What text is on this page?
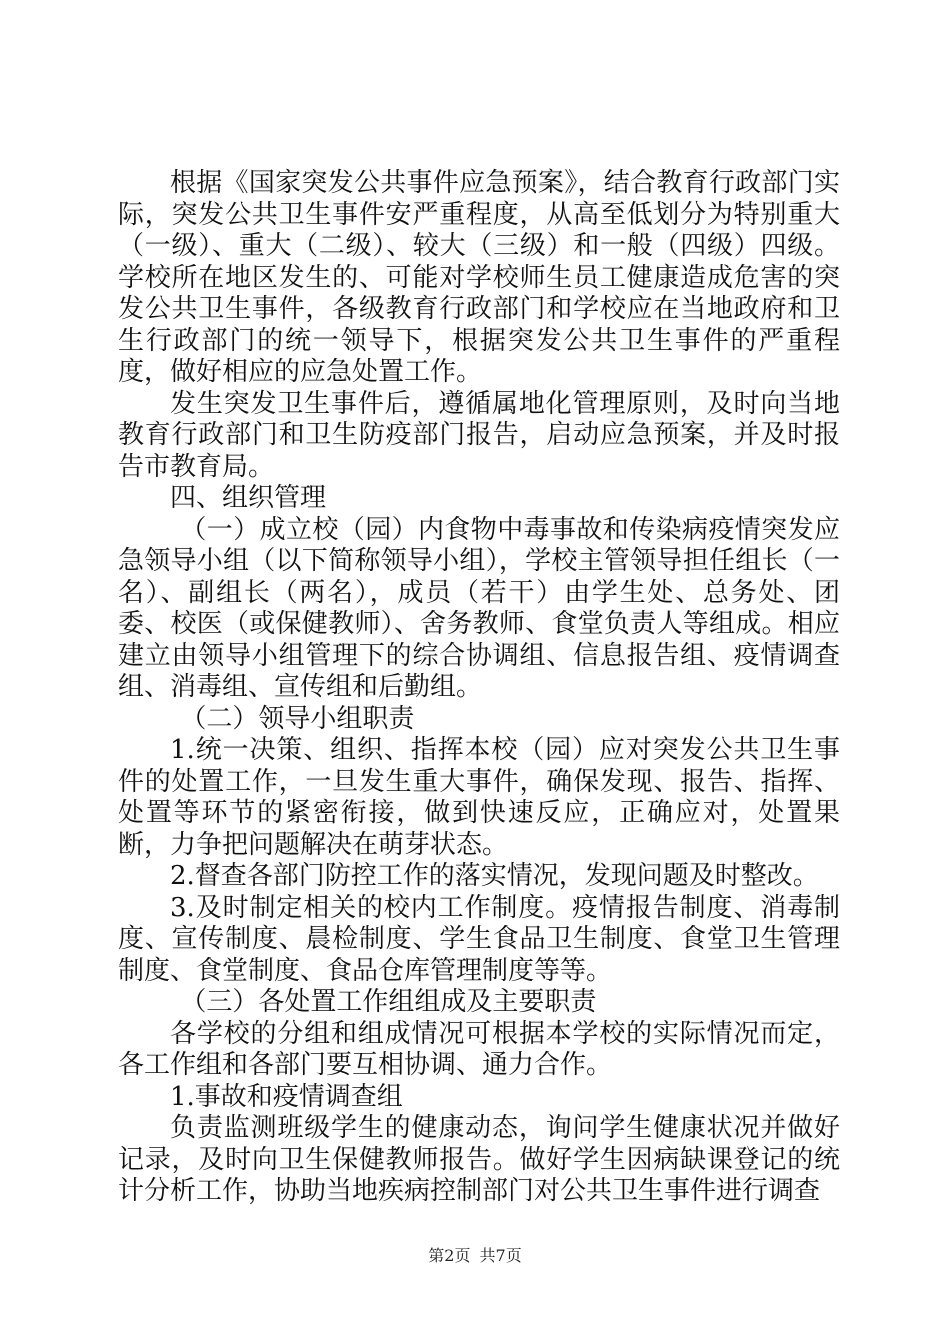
根据《国家突发公共事件应急预案》，结合教育行政部门实际，突发公共卫生事件安严重程度，从高至低划分为特别重大（一级）、重大（二级）、较大（三级）和一般（四级）四级。学校所在地区发生的、可能对学校师生员工健康造成危害的突发公共卫生事件，各级教育行政部门和学校应在当地政府和卫生行政部门的统一领导下，根据突发公共卫生事件的严重程度，做好相应的应急处置工作。

发生突发卫生事件后，遵循属地化管理原则，及时向当地教育行政部门和卫生防疫部门报告，启动应急预案，并及时报告市教育局。

四、组织管理

（一）成立校（园）内食物中毒事故和传染病疫情突发应急领导小组（以下简称领导小组），学校主管领导担任组长（一名）、副组长（两名），成员（若干）由学生处、总务处、团委、校医（或保健教师）、舍务教师、食堂负责人等组成。相应建立由领导小组管理下的综合协调组、信息报告组、疫情调查组、消毒组、宣传组和后勤组。

（二）领导小组职责

1.统一决策、组织、指挥本校（园）应对突发公共卫生事件的处置工作，一旦发生重大事件，确保发现、报告、指挥、处置等环节的紧密衔接，做到快速反应，正确应对，处置果断，力争把问题解决在萌芽状态。

2.督查各部门防控工作的落实情况，发现问题及时整改。

3.及时制定相关的校内工作制度。疫情报告制度、消毒制度、宣传制度、晨检制度、学生食品卫生制度、食堂卫生管理制度、食堂制度、食品仓库管理制度等等。

（三）各处置工作组组成及主要职责

各学校的分组和组成情况可根据本学校的实际情况而定，各工作组和各部门要互相协调、通力合作。

1.事故和疫情调查组

负责监测班级学生的健康动态，询问学生健康状况并做好记录，及时向卫生保健教师报告。做好学生因病缺课登记的统计分析工作，协助当地疾病控制部门对公共卫生事件进行调查

第2页 共7页
